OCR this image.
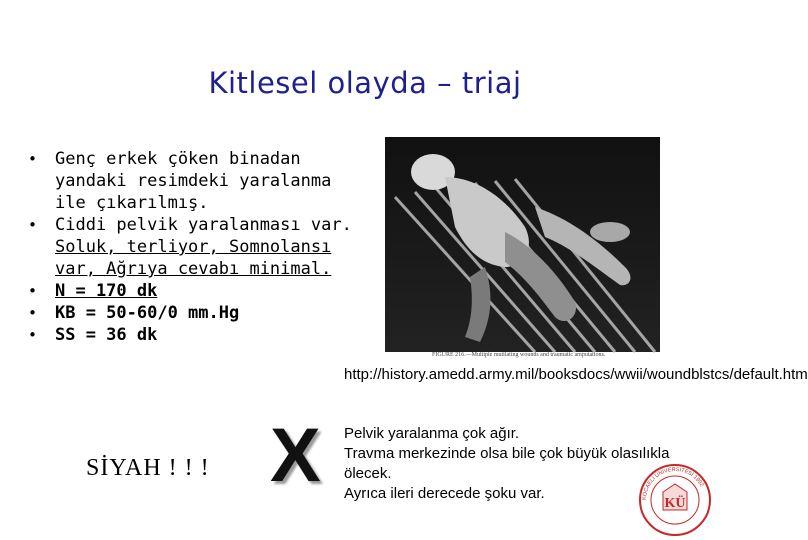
Kitlesel olayda – triaj
• Genç erkek çöken binadan yandaki resimdeki yaralanma ile çıkarılmış.
• Ciddi pelvik yaralanması var. Soluk, terliyor, Somnolansı var, Ağrıya cevabı minimal.
• N = 170 dk
• KB = 50-60/0 mm.Hg
• SS = 36 dk
FIGURE 216.—Multiple mutilating wounds and traumatic amputations.
http://history.amedd.army.mil/booksdocs/wwii/woundblstcs/default.htm
SİYAH ! ! ! X Pelvik yaralanma çok ağır.
Travma merkezinde olsa bile çok büyük olasılıkla ölecek.
Ayrıca ileri derecede şoku var.
KÜ
KOCAELİ ÜNİVERSİTESİ 1992
